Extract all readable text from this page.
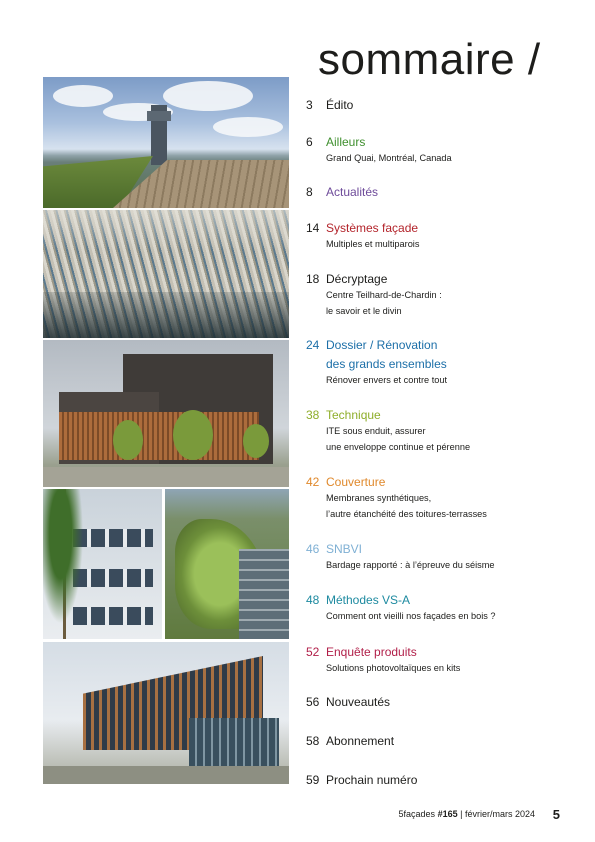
sommaire /
3	Édito
6	Ailleurs
Grand Quai, Montréal, Canada
8	Actualités
14 Systèmes façade
Multiples et multiparois
18 Décryptage
Centre Teilhard-de-Chardin :
le savoir et le divin
24 Dossier / Rénovation
des grands ensembles
Rénover envers et contre tout
38 Technique
ITE sous enduit, assurer
une enveloppe continue et pérenne
42 Couverture
Membranes synthétiques,
l’autre étanchéité des toitures-terrasses
46 SNBVI
Bardage rapporté : à l’épreuve du séisme
48 Méthodes VS-A
Comment ont vieilli nos façades en bois ?
52 Enquête produits
Solutions photovoltaïques en kits
56 Nouveautés
58 Abonnement
59 Prochain numéro
5façades #165 | février/mars 2024 5
